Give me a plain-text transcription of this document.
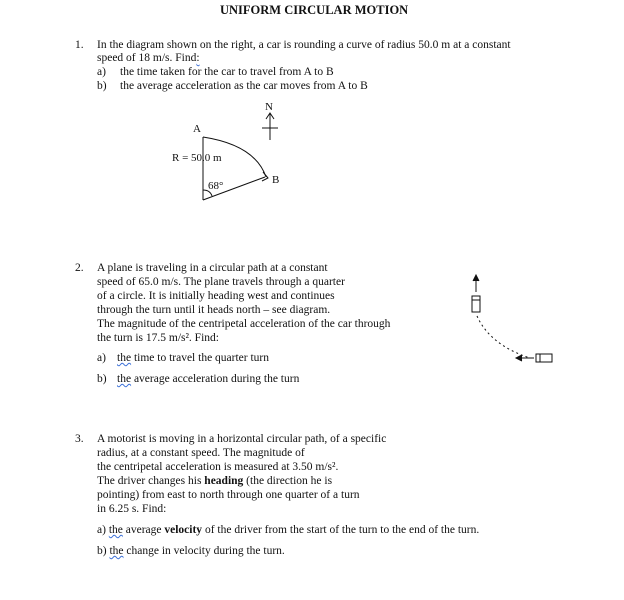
UNIFORM CIRCULAR MOTION
1. In the diagram shown on the right, a car is rounding a curve of radius 50.0 m at a constant
speed of 18 m/s. Find:
a) the time taken for the car to travel from A to B
b) the average acceleration as the car moves from A to B
N
A
B
R = 50.0 m
68°
2. A plane is traveling in a circular path at a constant
speed of 65.0 m/s. The plane travels through a quarter
of a circle. It is initially heading west and continues
through the turn until it heads north – see diagram.
The magnitude of the centripetal acceleration of the car through
the turn is 17.5 m/s². Find:
a) the time to travel the quarter turn
b) the average acceleration during the turn
3. A motorist is moving in a horizontal circular path, of a specific
radius, at a constant speed. The magnitude of
the centripetal acceleration is measured at 3.50 m/s².
The driver changes his heading (the direction he is
pointing) from east to north through one quarter of a turn
in 6.25 s. Find:
a) the average velocity of the driver from the start of the turn to the end of the turn.
b) the change in velocity during the turn.
